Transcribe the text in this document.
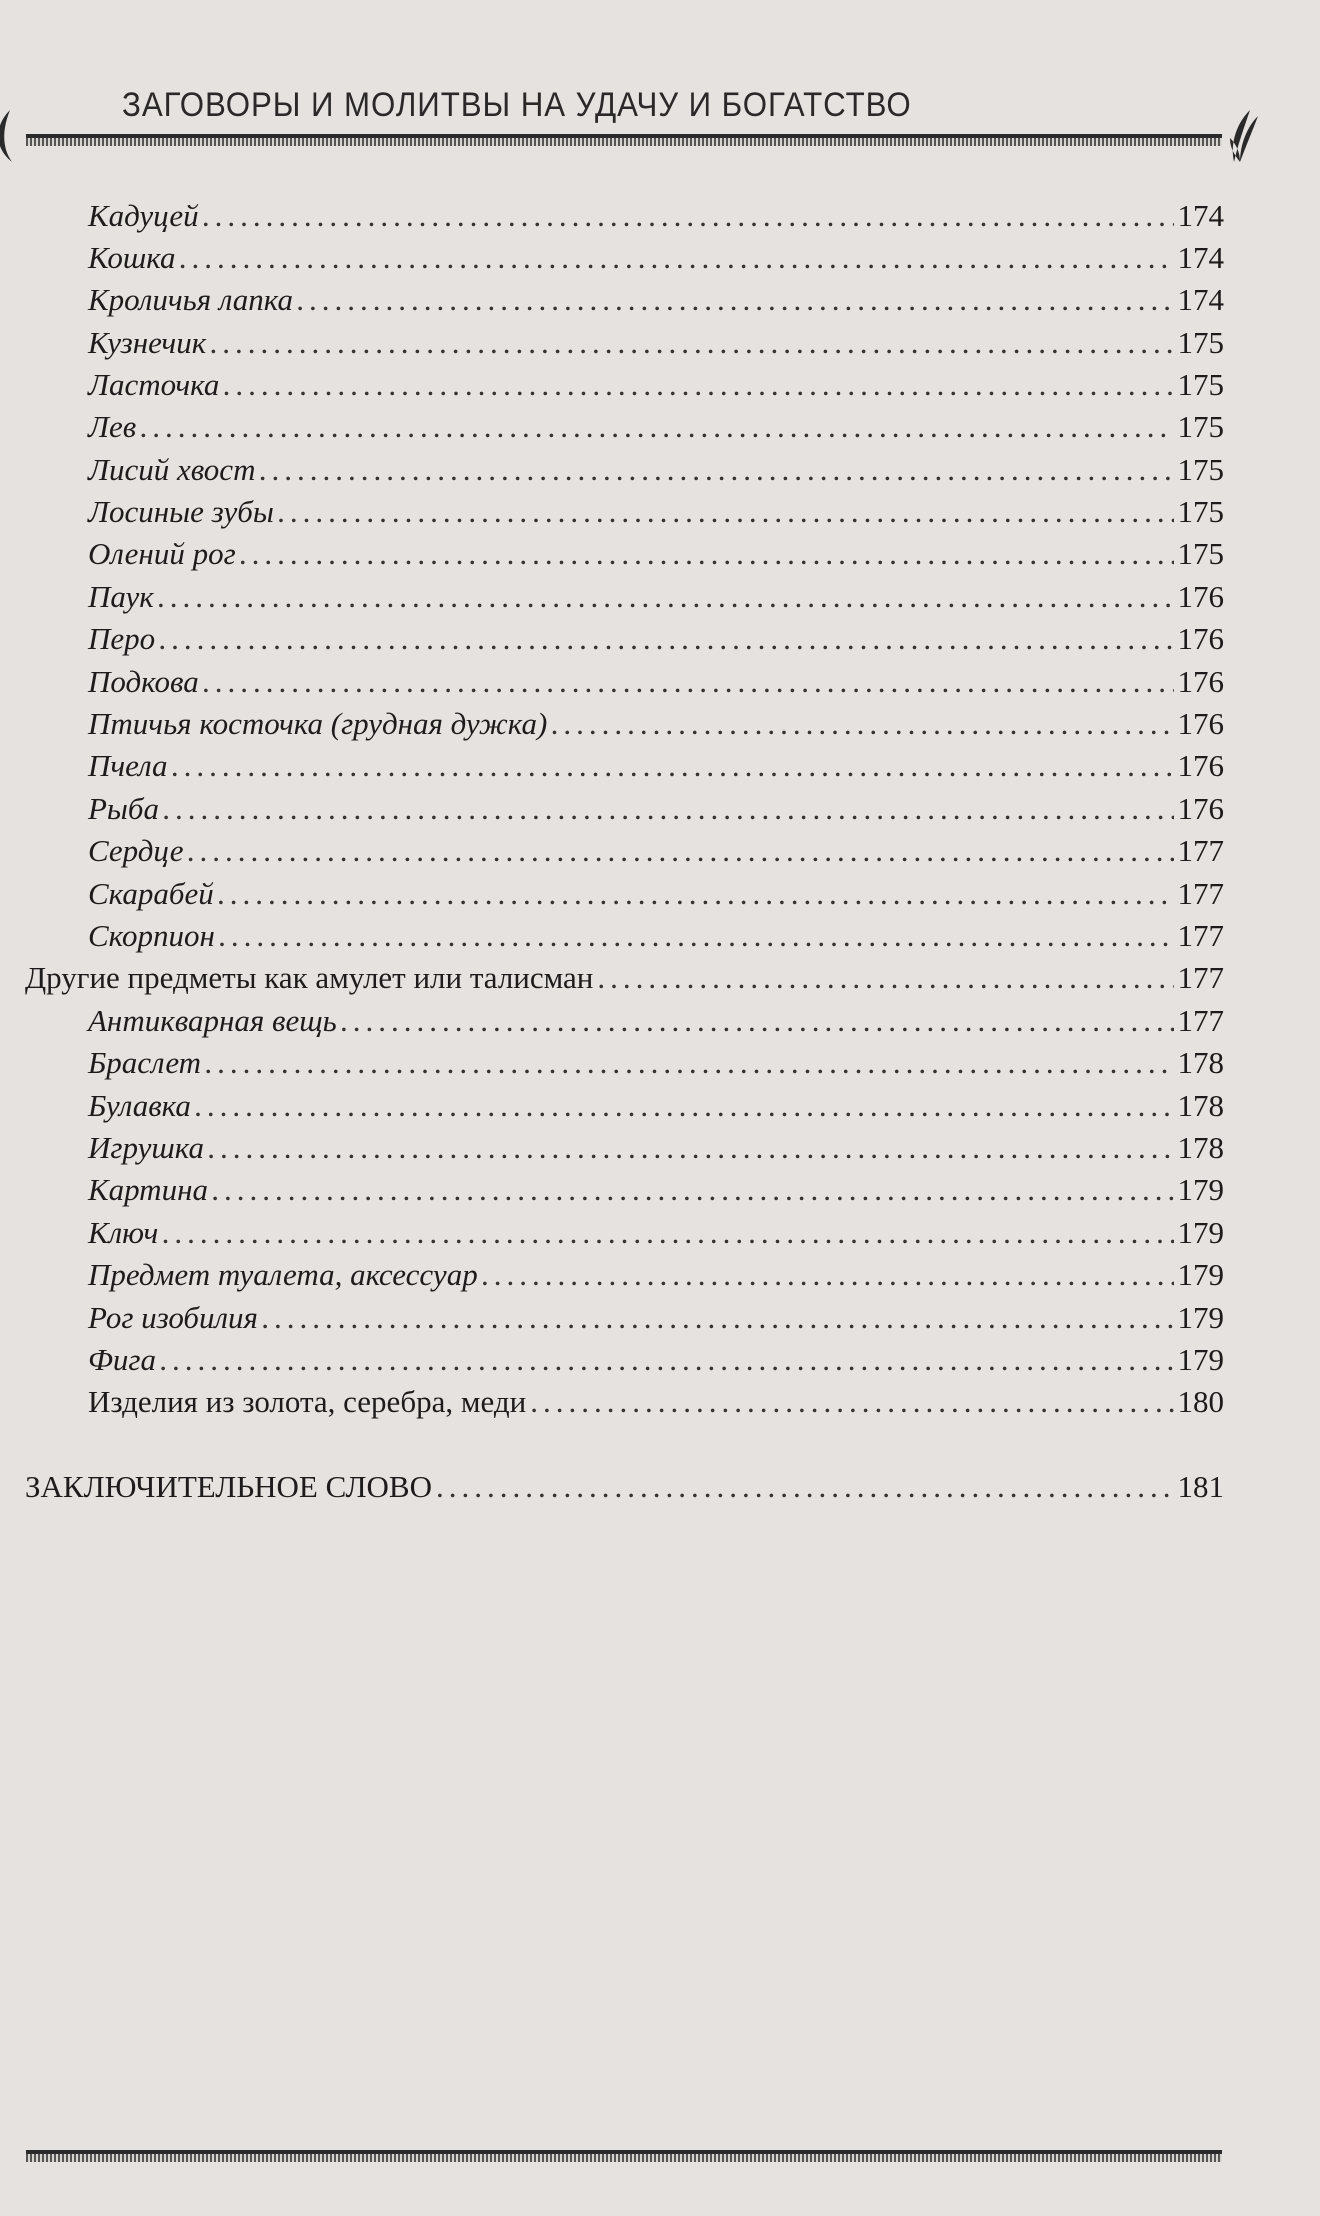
ЗАГОВОРЫ И МОЛИТВЫ НА УДАЧУ И БОГАТСТВО
Кадуцей .....	174
Кошка .....	174
Кроличья лапка .....	174
Кузнечик .....	175
Ласточка .....	175
Лев .....	175
Лисий хвост .....	175
Лосиные зубы .....	175
Олений рог .....	175
Паук .....	176
Перо .....	176
Подкова .....	176
Птичья косточка (грудная дужка) .....	176
Пчела .....	176
Рыба .....	176
Сердце .....	177
Скарабей .....	177
Скорпион .....	177
Другие предметы как амулет или талисман .....	177
Антикварная вещь .....	177
Браслет .....	178
Булавка .....	178
Игрушка .....	178
Картина .....	179
Ключ .....	179
Предмет туалета, аксессуар .....	179
Рог изобилия .....	179
Фига .....	179
Изделия из золота, серебра, меди .....	180
ЗАКЛЮЧИТЕЛЬНОЕ СЛОВО .....	181
